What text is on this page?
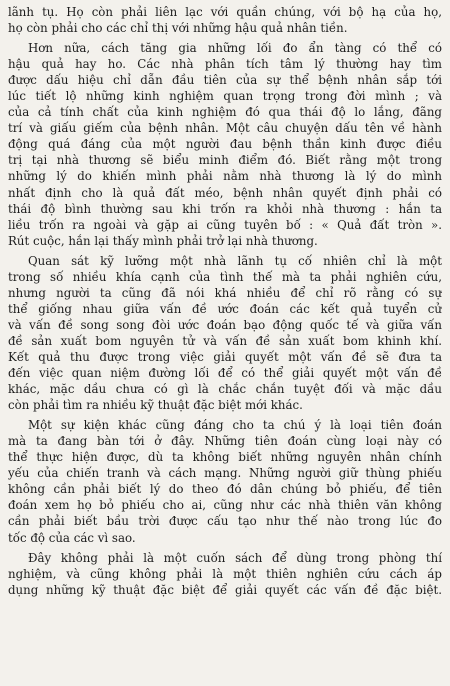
lãnh tụ. Họ còn phải liên lạc với quần chúng, với bộ hạ của họ,
họ còn phải cho các chỉ thị với những hậu quả nhân tiền.
Hơn nữa, cách tăng gia những lối đo ẩn tàng có thể có
hậu quả hay ho. Các nhà phân tích tâm lý thường hay tìm
được dấu hiệu chỉ dẫn đầu tiên của sự thể bệnh nhân sắp tới
lúc tiết lộ những kinh nghiệm quan trọng trong đời mình ; và
của cả tính chất của kinh nghiệm đó qua thái độ lo lắng, đãng
trí và giấu giếm của bệnh nhân. Một câu chuyện dấu tên về hành
động quá đáng của một người đau bệnh thần kinh được điều
trị tại nhà thương sẽ biểu minh điểm đó. Biết rằng một trong
những lý do khiến mình phải nằm nhà thương là lý do mình
nhất định cho là quả đất méo, bệnh nhân quyết định phải có
thái độ bình thường sau khi trốn ra khỏi nhà thương : hắn ta
liều trốn ra ngoài và gặp ai cũng tuyên bố : « Quả đất tròn ».
Rút cuộc, hắn lại thấy mình phải trở lại nhà thương.
Quan sát kỹ lưỡng một nhà lãnh tụ cố nhiên chỉ là một
trong số nhiều khía cạnh của tình thế mà ta phải nghiên cứu,
nhưng người ta cũng đã nói khá nhiều để chỉ rõ rằng có sự
thể giống nhau giữa vấn đề ước đoán các kết quả tuyển cử
và vấn đề song song đòi ước đoán bạo động quốc tế và giữa vấn
đề sản xuất bom nguyên tử và vấn đề sản xuất bom khinh khí.
Kết quả thu được trong việc giải quyết một vấn đề sẽ đưa ta
đến việc quan niệm đường lối để có thể giải quyết một vấn đề
khác, mặc dầu chưa có gì là chắc chắn tuyệt đối và mặc dầu
còn phải tìm ra nhiều kỹ thuật đặc biệt mới khác.
Một sự kiện khác cũng đáng cho ta chú ý là loại tiên đoán
mà ta đang bàn tới ở đây. Những tiên đoán cùng loại này có
thể thực hiện được, dù ta không biết những nguyên nhân chính
yếu của chiến tranh và cách mạng. Những người giữ thùng phiếu
không cần phải biết lý do theo đó dân chúng bỏ phiếu, để tiên
đoán xem họ bỏ phiếu cho ai, cũng như các nhà thiên văn không
cần phải biết bầu trời được cấu tạo như thế nào trong lúc đo
tốc độ của các vì sao.
Đây không phải là một cuốn sách để dùng trong phòng thí
nghiệm, và cũng không phải là một thiên nghiên cứu cách áp
dụng những kỹ thuật đặc biệt để giải quyết các vấn đề đặc biệt.
